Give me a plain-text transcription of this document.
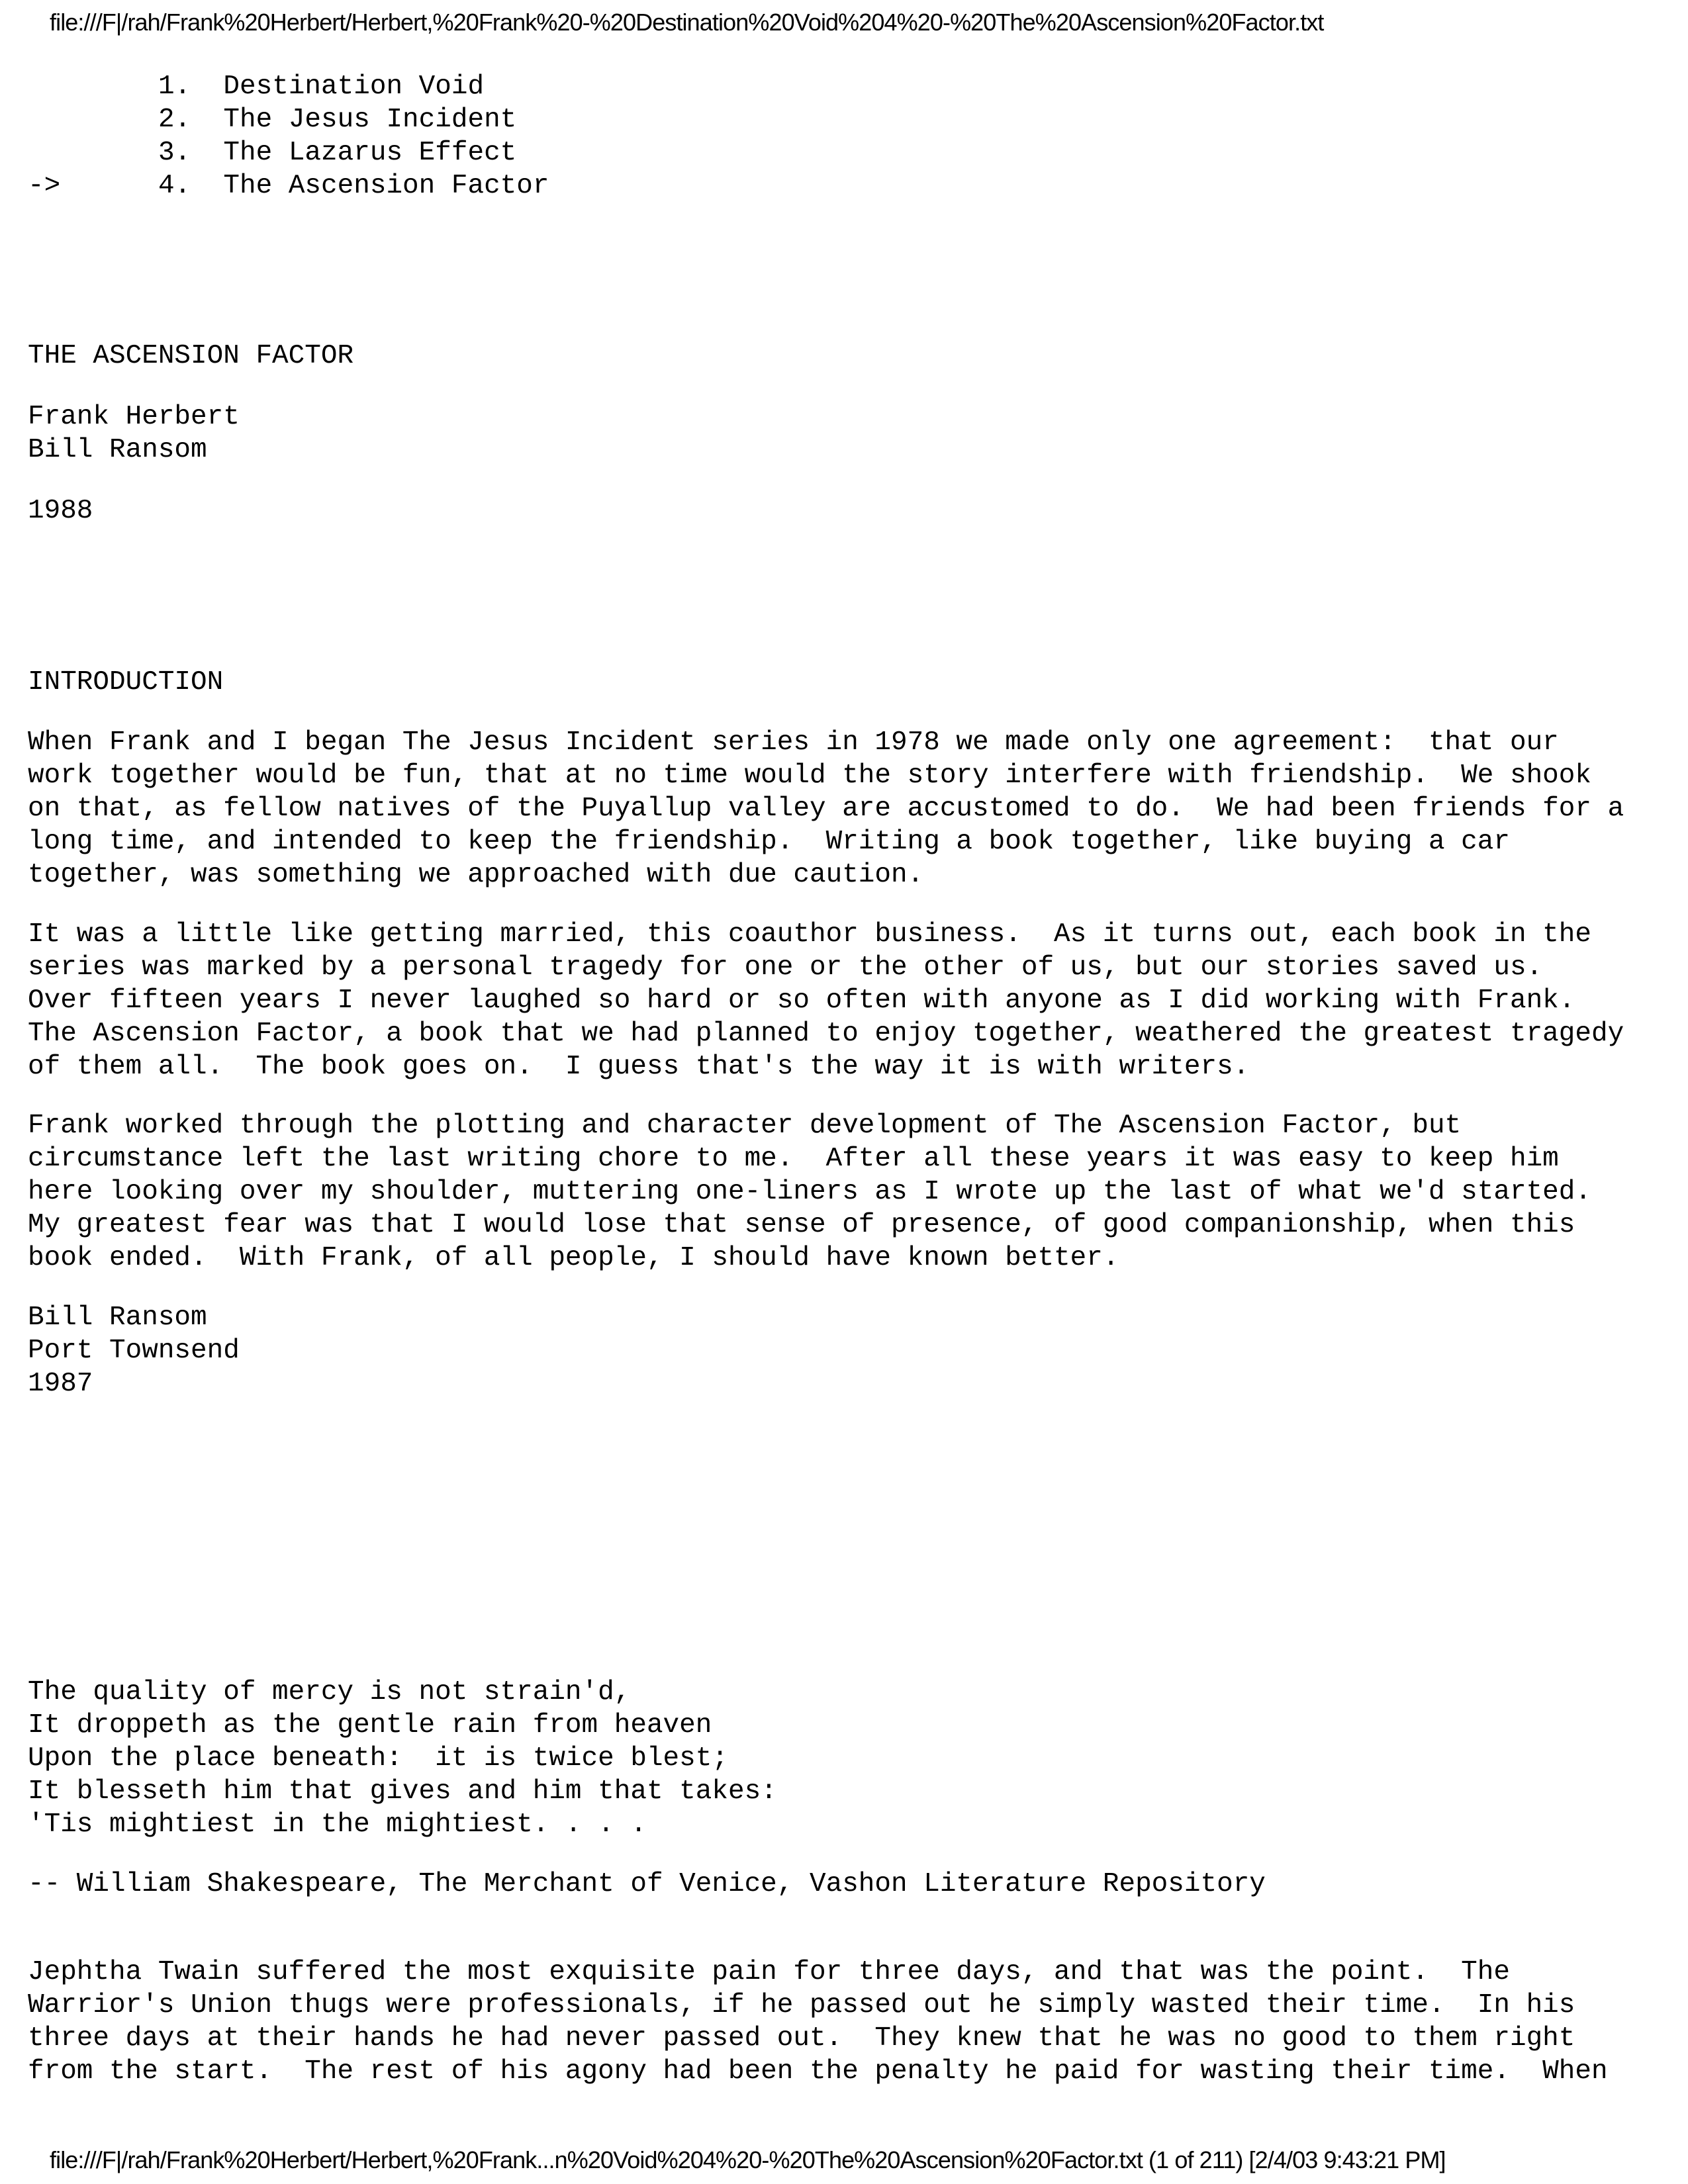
file:///F|/rah/Frank%20Herbert/Herbert,%20Frank%20-%20Destination%20Void%204%20-%20The%20Ascension%20Factor.txt
1.  Destination Void
2.  The Jesus Incident
3.  The Lazarus Effect
->	4.  The Ascension Factor
THE ASCENSION FACTOR
Frank Herbert
Bill Ransom
1988
INTRODUCTION
When Frank and I began The Jesus Incident series in 1978 we made only one agreement:  that our
work together would be fun, that at no time would the story interfere with friendship.  We shook
on that, as fellow natives of the Puyallup valley are accustomed to do.  We had been friends for a
long time, and intended to keep the friendship.  Writing a book together, like buying a car
together, was something we approached with due caution.
It was a little like getting married, this coauthor business.  As it turns out, each book in the
series was marked by a personal tragedy for one or the other of us, but our stories saved us.
Over fifteen years I never laughed so hard or so often with anyone as I did working with Frank.
The Ascension Factor, a book that we had planned to enjoy together, weathered the greatest tragedy
of them all.  The book goes on.  I guess that's the way it is with writers.
Frank worked through the plotting and character development of The Ascension Factor, but
circumstance left the last writing chore to me.  After all these years it was easy to keep him
here looking over my shoulder, muttering one-liners as I wrote up the last of what we'd started.
My greatest fear was that I would lose that sense of presence, of good companionship, when this
book ended.  With Frank, of all people, I should have known better.
Bill Ransom
Port Townsend
1987
The quality of mercy is not strain'd,
It droppeth as the gentle rain from heaven
Upon the place beneath:  it is twice blest;
It blesseth him that gives and him that takes:
'Tis mightiest in the mightiest. . . .
-- William Shakespeare, The Merchant of Venice, Vashon Literature Repository
Jephtha Twain suffered the most exquisite pain for three days, and that was the point.  The
Warrior's Union thugs were professionals, if he passed out he simply wasted their time.  In his
three days at their hands he had never passed out.  They knew that he was no good to them right
from the start.  The rest of his agony had been the penalty he paid for wasting their time.  When
file:///F|/rah/Frank%20Herbert/Herbert,%20Frank...n%20Void%204%20-%20The%20Ascension%20Factor.txt (1 of 211) [2/4/03 9:43:21 PM]
